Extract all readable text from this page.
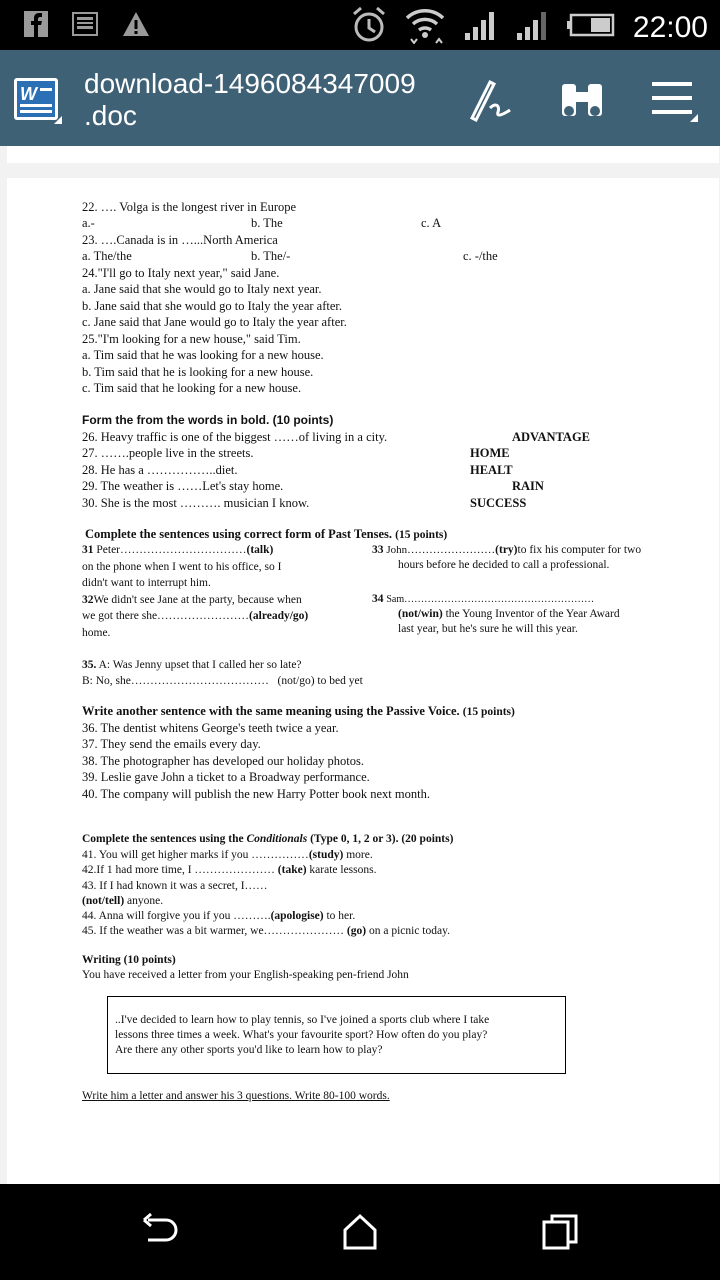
22:00
W download-1496084347009
.doc
22. …. Volga is the longest river in Europe
a.-	b. The	c. A
23. ….Canada is in …...North America
a. The/the	b. The/-	c. -/the
24."I'll go to Italy next year," said Jane.
a. Jane said that she would go to Italy next year.
b. Jane said that she would go to Italy the year after.
c. Jane said that Jane would go to Italy the year after.
25."I'm looking for a new house," said Tim.
a. Tim said that he was looking for a new house.
b. Tim said that he is looking for a new house.
c. Tim said that he looking for a new house.
Form the from the words in bold. (10 points)
26. Heavy traffic is one of the biggest ……of living in a city.	ADVANTAGE
27. …….people live in the streets.	HOME
28. He has a ……………..diet.	HEALT
29. The weather is ……Let's stay home.	RAIN
30. She is the most ………. musician I know.	SUCCESS
Complete the sentences using correct form of Past Tenses. (15 points)
31 Peter……………………………(talk)
on the phone when I went to his office, so I
didn't want to interrupt him.
32We didn't see Jane at the party, because when
we got there she……………………(already/go)
home.
33 John……………………(try)to fix his computer for two
hours before he decided to call a professional.
34 Sam…………………………………………………
(not/win) the Young Inventor of the Year Award
last year, but he's sure he will this year.
35. A: Was Jenny upset that I called her so late?
B: No, she……………………………… (not/go) to bed yet
Write another sentence with the same meaning using the Passive Voice. (15 points)
36. The dentist whitens George's teeth twice a year.
37. They send the emails every day.
38. The photographer has developed our holiday photos.
39. Leslie gave John a ticket to a Broadway performance.
40. The company will publish the new Harry Potter book next month.
Complete the sentences using the Conditionals (Type 0, 1, 2 or 3). (20 points)
41. You will get higher marks if you ……………(study) more.
42.If 1 had more time, I ………………… (take) karate lessons.
43. If I had known it was a secret, I……
(not/tell) anyone.
44. Anna will forgive you if you ……….(apologise) to her.
45. If the weather was a bit warmer, we………………… (go) on a picnic today.
Writing (10 points)
You have received a letter from your English-speaking pen-friend John
..I've decided to learn how to play tennis, so I've joined a sports club where I take
lessons three times a week. What's your favourite sport? How often do you play?
Are there any other sports you'd like to learn how to play?
Write him a letter and answer his 3 questions. Write 80-100 words.
